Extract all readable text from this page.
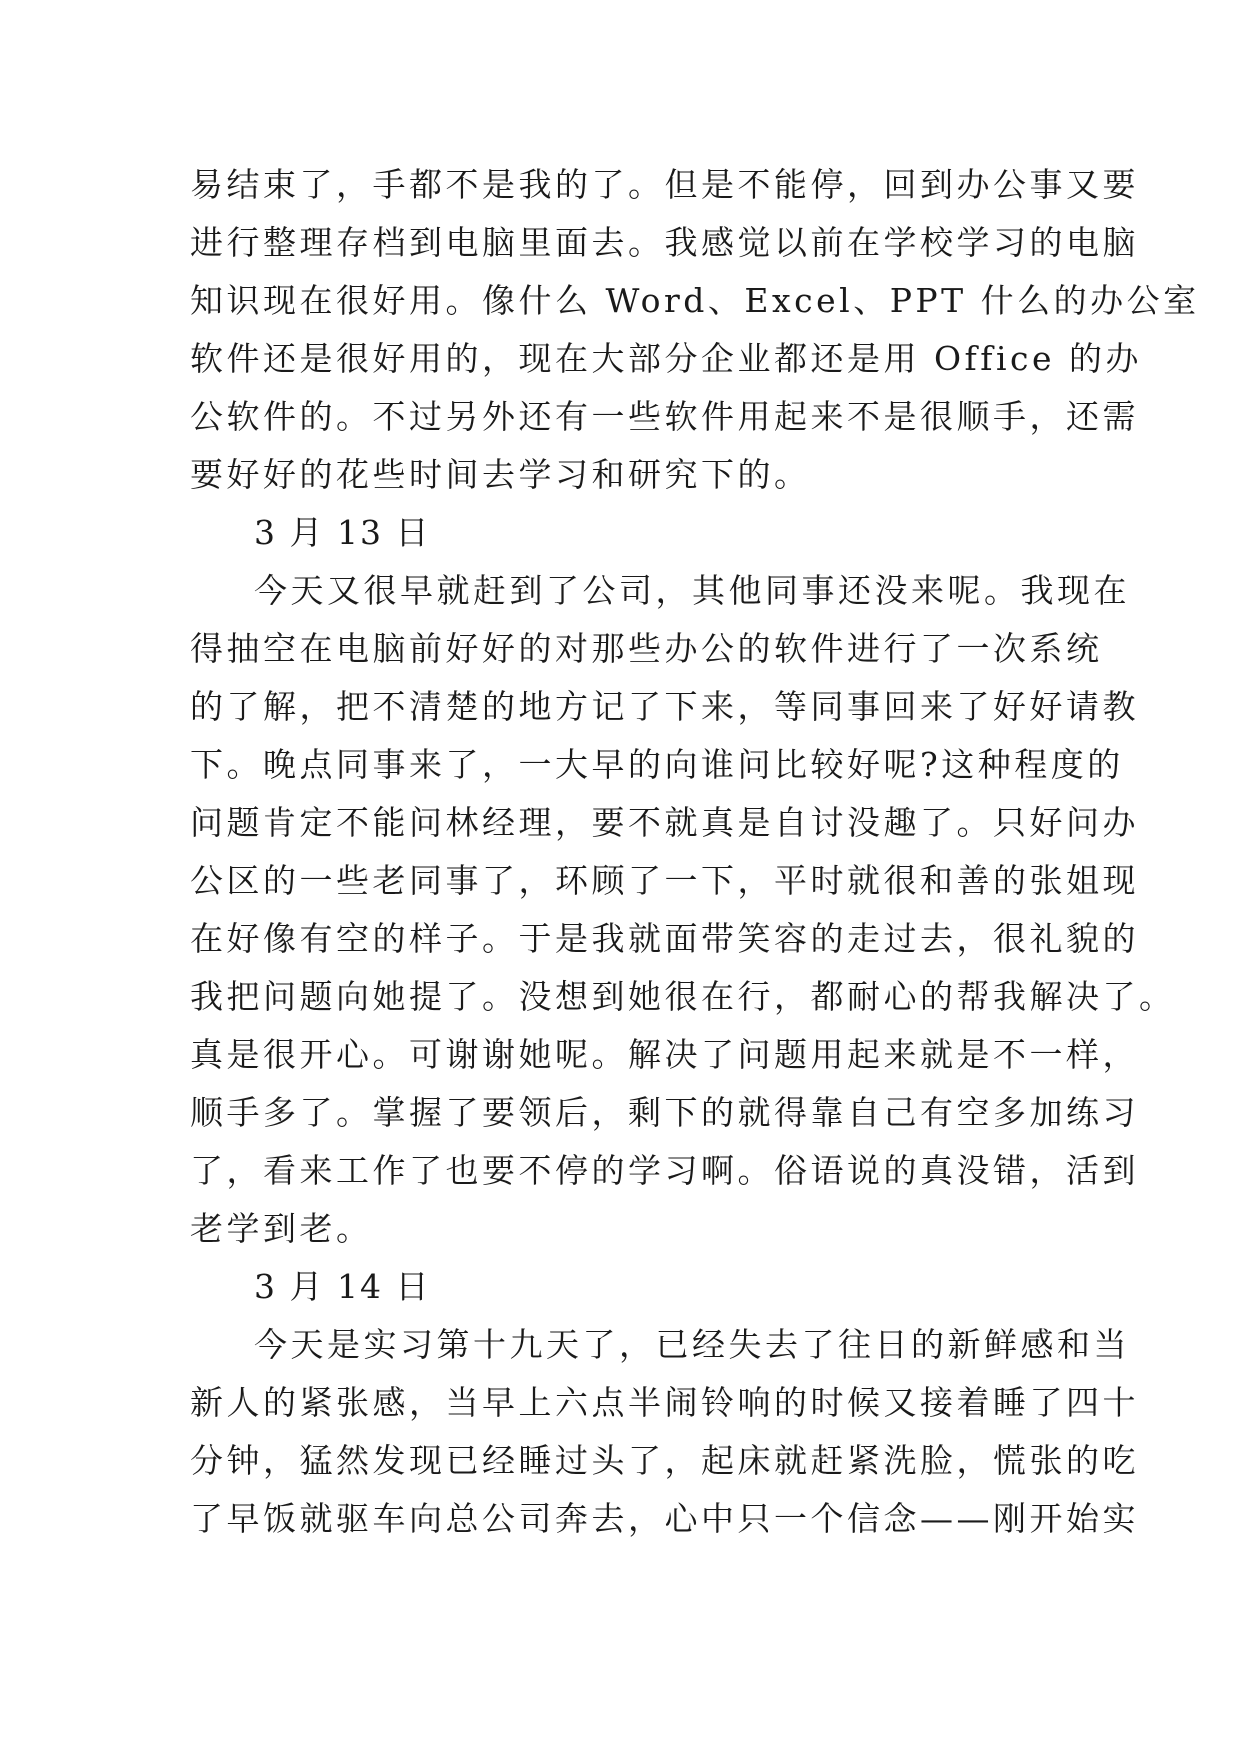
易结束了，手都不是我的了。但是不能停，回到办公事又要
进行整理存档到电脑里面去。我感觉以前在学校学习的电脑
知识现在很好用。像什么 Word、Excel、PPT 什么的办公室
软件还是很好用的，现在大部分企业都还是用 Office 的办
公软件的。不过另外还有一些软件用起来不是很顺手，还需
要好好的花些时间去学习和研究下的。
3 月 13 日
今天又很早就赶到了公司，其他同事还没来呢。我现在
得抽空在电脑前好好的对那些办公的软件进行了一次系统
的了解，把不清楚的地方记了下来，等同事回来了好好请教
下。晚点同事来了，一大早的向谁问比较好呢?这种程度的
问题肯定不能问林经理，要不就真是自讨没趣了。只好问办
公区的一些老同事了，环顾了一下，平时就很和善的张姐现
在好像有空的样子。于是我就面带笑容的走过去，很礼貌的
我把问题向她提了。没想到她很在行，都耐心的帮我解决了。
真是很开心。可谢谢她呢。解决了问题用起来就是不一样，
顺手多了。掌握了要领后，剩下的就得靠自己有空多加练习
了，看来工作了也要不停的学习啊。俗语说的真没错，活到
老学到老。
3 月 14 日
今天是实习第十九天了，已经失去了往日的新鲜感和当
新人的紧张感，当早上六点半闹铃响的时候又接着睡了四十
分钟，猛然发现已经睡过头了，起床就赶紧洗脸，慌张的吃
了早饭就驱车向总公司奔去，心中只一个信念——刚开始实
